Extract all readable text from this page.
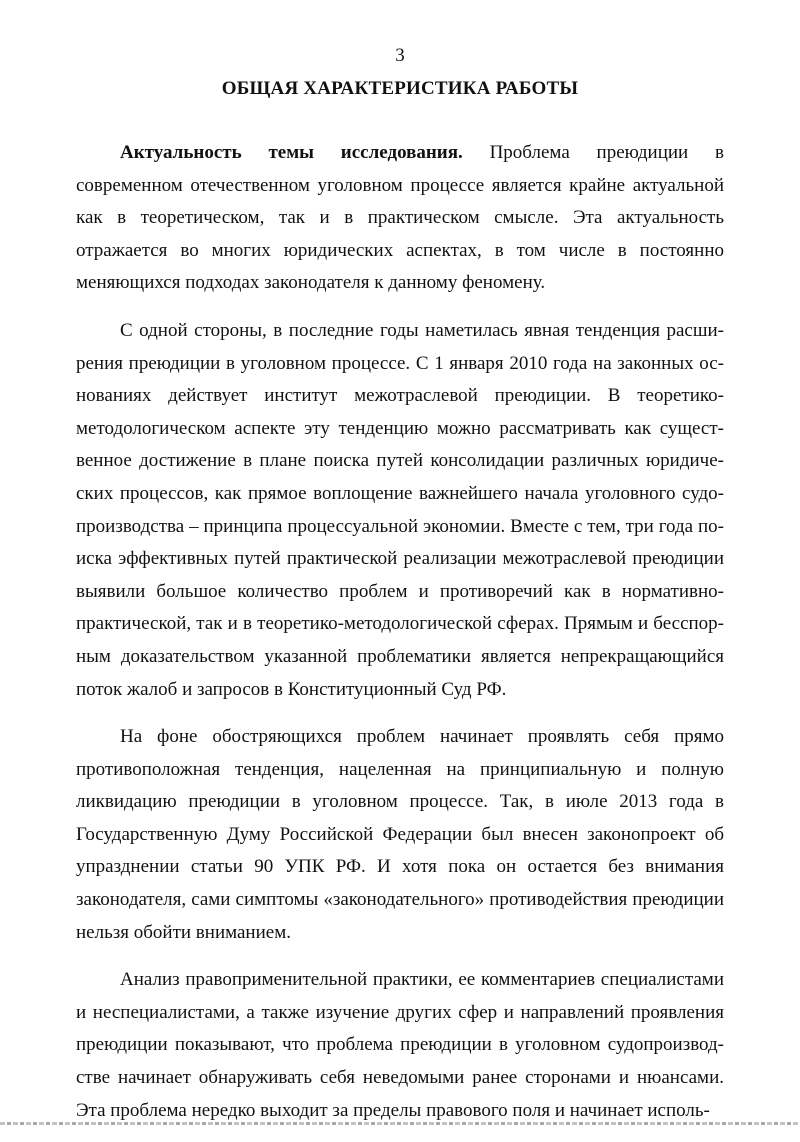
3
ОБЩАЯ ХАРАКТЕРИСТИКА РАБОТЫ

Актуальность темы исследования. Проблема преюдиции в современном отечественном уголовном процессе является крайне актуальной как в теоретическом, так и в практическом смысле. Эта актуальность отражается во многих юридических аспектах, в том числе в постоянно меняющихся подходах законодателя к данному феномену.

С одной стороны, в последние годы наметилась явная тенденция расширения преюдиции в уголовном процессе. С 1 января 2010 года на законных основаниях действует институт межотраслевой преюдиции. В теоретико-методологическом аспекте эту тенденцию можно рассматривать как существенное достижение в плане поиска путей консолидации различных юридических процессов, как прямое воплощение важнейшего начала уголовного судопроизводства – принципа процессуальной экономии. Вместе с тем, три года поиска эффективных путей практической реализации межотраслевой преюдиции выявили большое количество проблем и противоречий как в нормативно-практической, так и в теоретико-методологической сферах. Прямым и бесспорным доказательством указанной проблематики является непрекращающийся поток жалоб и запросов в Конституционный Суд РФ.

На фоне обостряющихся проблем начинает проявлять себя прямо противоположная тенденция, нацеленная на принципиальную и полную ликвидацию преюдиции в уголовном процессе. Так, в июле 2013 года в Государственную Думу Российской Федерации был внесен законопроект об упразднении статьи 90 УПК РФ. И хотя пока он остается без внимания законодателя, сами симптомы «законодательного» противодействия преюдиции нельзя обойти вниманием.

Анализ правоприменительной практики, ее комментариев специалистами и неспециалистами, а также изучение других сфер и направлений проявления преюдиции показывают, что проблема преюдиции в уголовном судопроизводстве начинает обнаруживать себя неведомыми ранее сторонами и нюансами. Эта проблема нередко выходит за пределы правового поля и начинает исполь-
